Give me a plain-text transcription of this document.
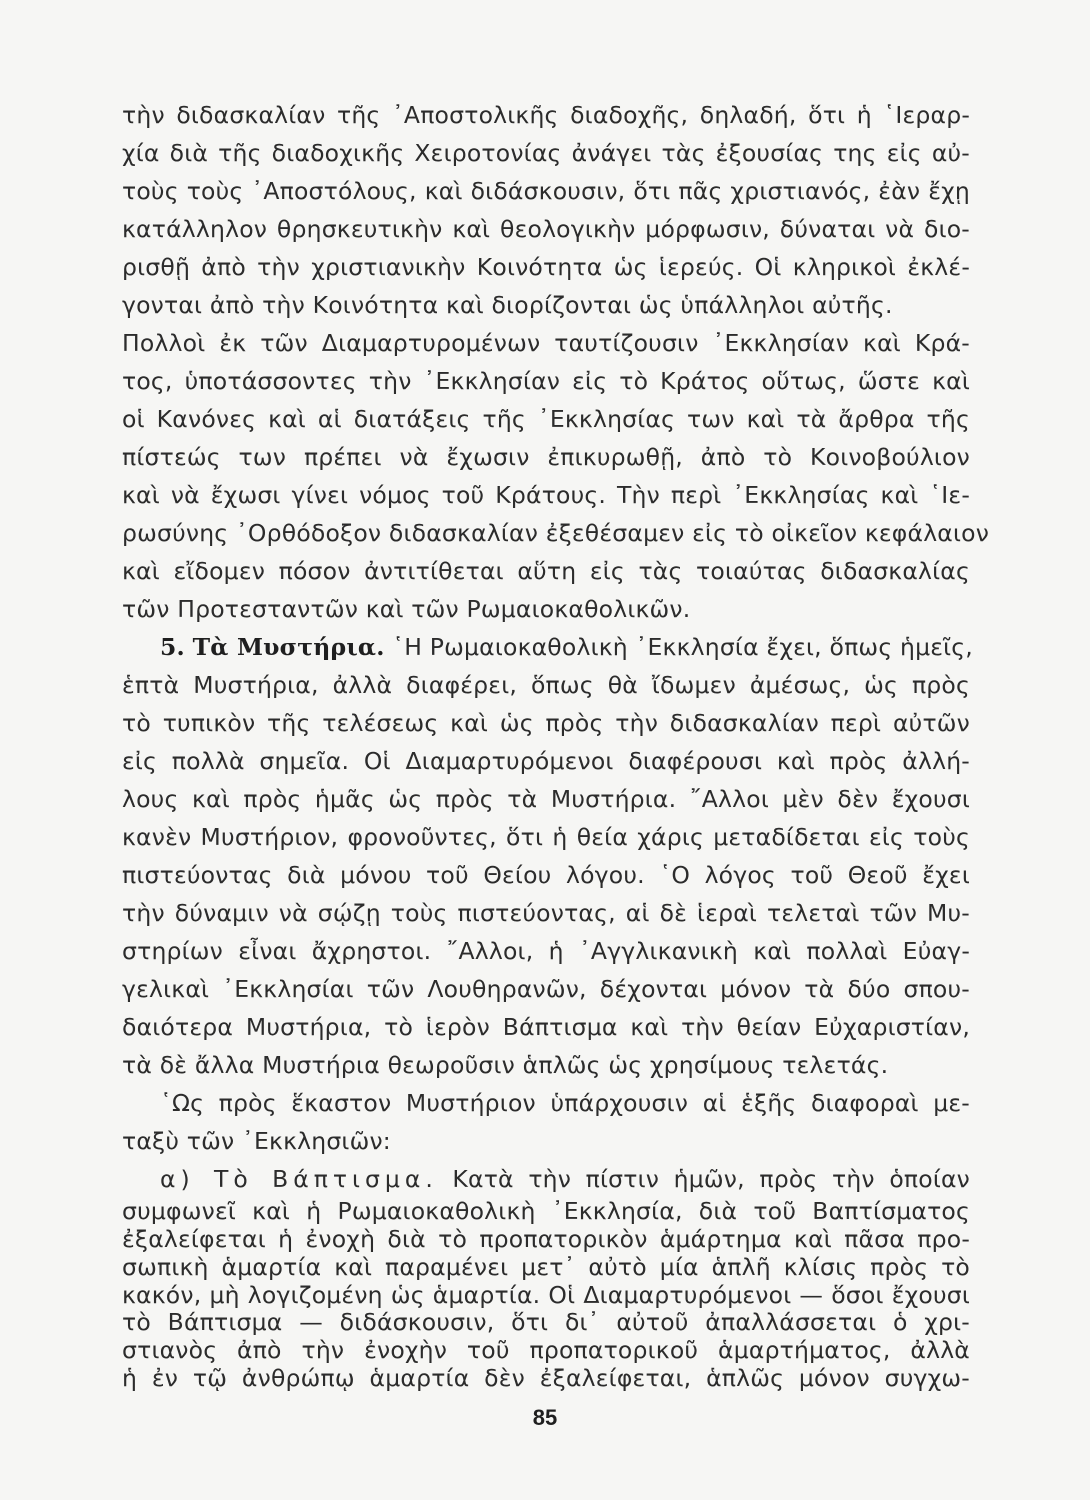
τὴν διδασκαλίαν τῆς ᾽Αποστολικῆς διαδοχῆς, δηλαδή, ὅτι ἡ ῾Ιεραρ-
χία διὰ τῆς διαδοχικῆς Χειροτονίας ἀνάγει τὰς ἐξουσίας της εἰς αὐ-
τοὺς τοὺς ᾽Αποστόλους, καὶ διδάσκουσιν, ὅτι πᾶς χριστιανός, ἐὰν ἔχῃ
κατάλληλον θρησκευτικὴν καὶ θεολογικὴν μόρφωσιν, δύναται νὰ διο-
ρισθῇ ἀπὸ τὴν χριστιανικὴν Κοινότητα ὡς ἱερεύς. Οἱ κληρικοὶ ἐκλέ-
γονται ἀπὸ τὴν Κοινότητα καὶ διορίζονται ὡς ὑπάλληλοι αὐτῆς.
Πολλοὶ ἐκ τῶν Διαμαρτυρομένων ταυτίζουσιν ᾽Εκκλησίαν καὶ Κρά-
τος, ὑποτάσσοντες τὴν ᾽Εκκλησίαν εἰς τὸ Κράτος οὕτως, ὥστε καὶ
οἱ Κανόνες καὶ αἱ διατάξεις τῆς ᾽Εκκλησίας των καὶ τὰ ἄρθρα τῆς
πίστεώς των πρέπει νὰ ἔχωσιν ἐπικυρωθῇ, ἀπὸ τὸ Κοινοβούλιον
καὶ νὰ ἔχωσι γίνει νόμος τοῦ Κράτους. Τὴν περὶ ᾽Εκκλησίας καὶ ῾Ιε-
ρωσύνης ᾽Ορθόδοξον διδασκαλίαν ἐξεθέσαμεν εἰς τὸ οἰκεῖον κεφάλαιον
καὶ εἴδομεν πόσον ἀντιτίθεται αὕτη εἰς τὰς τοιαύτας διδασκαλίας
τῶν Προτεσταντῶν καὶ τῶν Ρωμαιοκαθολικῶν.
5. Τὰ Μυστήρια. ῾Η Ρωμαιοκαθολικὴ ᾽Εκκλησία ἔχει, ὅπως ἡμεῖς,
ἑπτὰ Μυστήρια, ἀλλὰ διαφέρει, ὅπως θὰ ἴδωμεν ἀμέσως, ὡς πρὸς
τὸ τυπικὸν τῆς τελέσεως καὶ ὡς πρὸς τὴν διδασκαλίαν περὶ αὐτῶν
εἰς πολλὰ σημεῖα. Οἱ Διαμαρτυρόμενοι διαφέρουσι καὶ πρὸς ἀλλή-
λους καὶ πρὸς ἡμᾶς ὡς πρὸς τὰ Μυστήρια. ῎Αλλοι μὲν δὲν ἔχουσι
κανὲν Μυστήριον, φρονοῦντες, ὅτι ἡ θεία χάρις μεταδίδεται εἰς τοὺς
πιστεύοντας διὰ μόνου τοῦ Θείου λόγου. ῾Ο λόγος τοῦ Θεοῦ ἔχει
τὴν δύναμιν νὰ σῴζῃ τοὺς πιστεύοντας, αἱ δὲ ἱεραὶ τελεταὶ τῶν Μυ-
στηρίων εἶναι ἄχρηστοι. ῎Αλλοι, ἡ ᾽Αγγλικανικὴ καὶ πολλαὶ Εὐαγ-
γελικαὶ ᾽Εκκλησίαι τῶν Λουθηρανῶν, δέχονται μόνον τὰ δύο σπου-
δαιότερα Μυστήρια, τὸ ἱερὸν Βάπτισμα καὶ τὴν θείαν Εὐχαριστίαν,
τὰ δὲ ἄλλα Μυστήρια θεωροῦσιν ἁπλῶς ὡς χρησίμους τελετάς.
῾Ως πρὸς ἕκαστον Μυστήριον ὑπάρχουσιν αἱ ἑξῆς διαφοραὶ με-
ταξὺ τῶν ᾽Εκκλησιῶν:
α) Τὸ Βάπτισμα. Κατὰ τὴν πίστιν ἡμῶν, πρὸς τὴν ὁποίαν
συμφωνεῖ καὶ ἡ Ρωμαιοκαθολικὴ ᾽Εκκλησία, διὰ τοῦ Βαπτίσματος
ἐξαλείφεται ἡ ἐνοχὴ διὰ τὸ προπατορικὸν ἁμάρτημα καὶ πᾶσα προ-
σωπικὴ ἁμαρτία καὶ παραμένει μετ᾽ αὐτὸ μία ἁπλῆ κλίσις πρὸς τὸ
κακόν, μὴ λογιζομένη ὡς ἁμαρτία. Οἱ Διαμαρτυρόμενοι — ὅσοι ἔχουσι
τὸ Βάπτισμα — διδάσκουσιν, ὅτι δι᾽ αὐτοῦ ἀπαλλάσσεται ὁ χρι-
85
στιανὸς ἀπὸ τὴν ἐνοχὴν τοῦ προπατορικοῦ ἁμαρτήματος, ἀλλὰ
ἡ ἐν τῷ ἀνθρώπῳ ἁμαρτία δὲν ἐξαλείφεται, ἁπλῶς μόνον συγχω-
